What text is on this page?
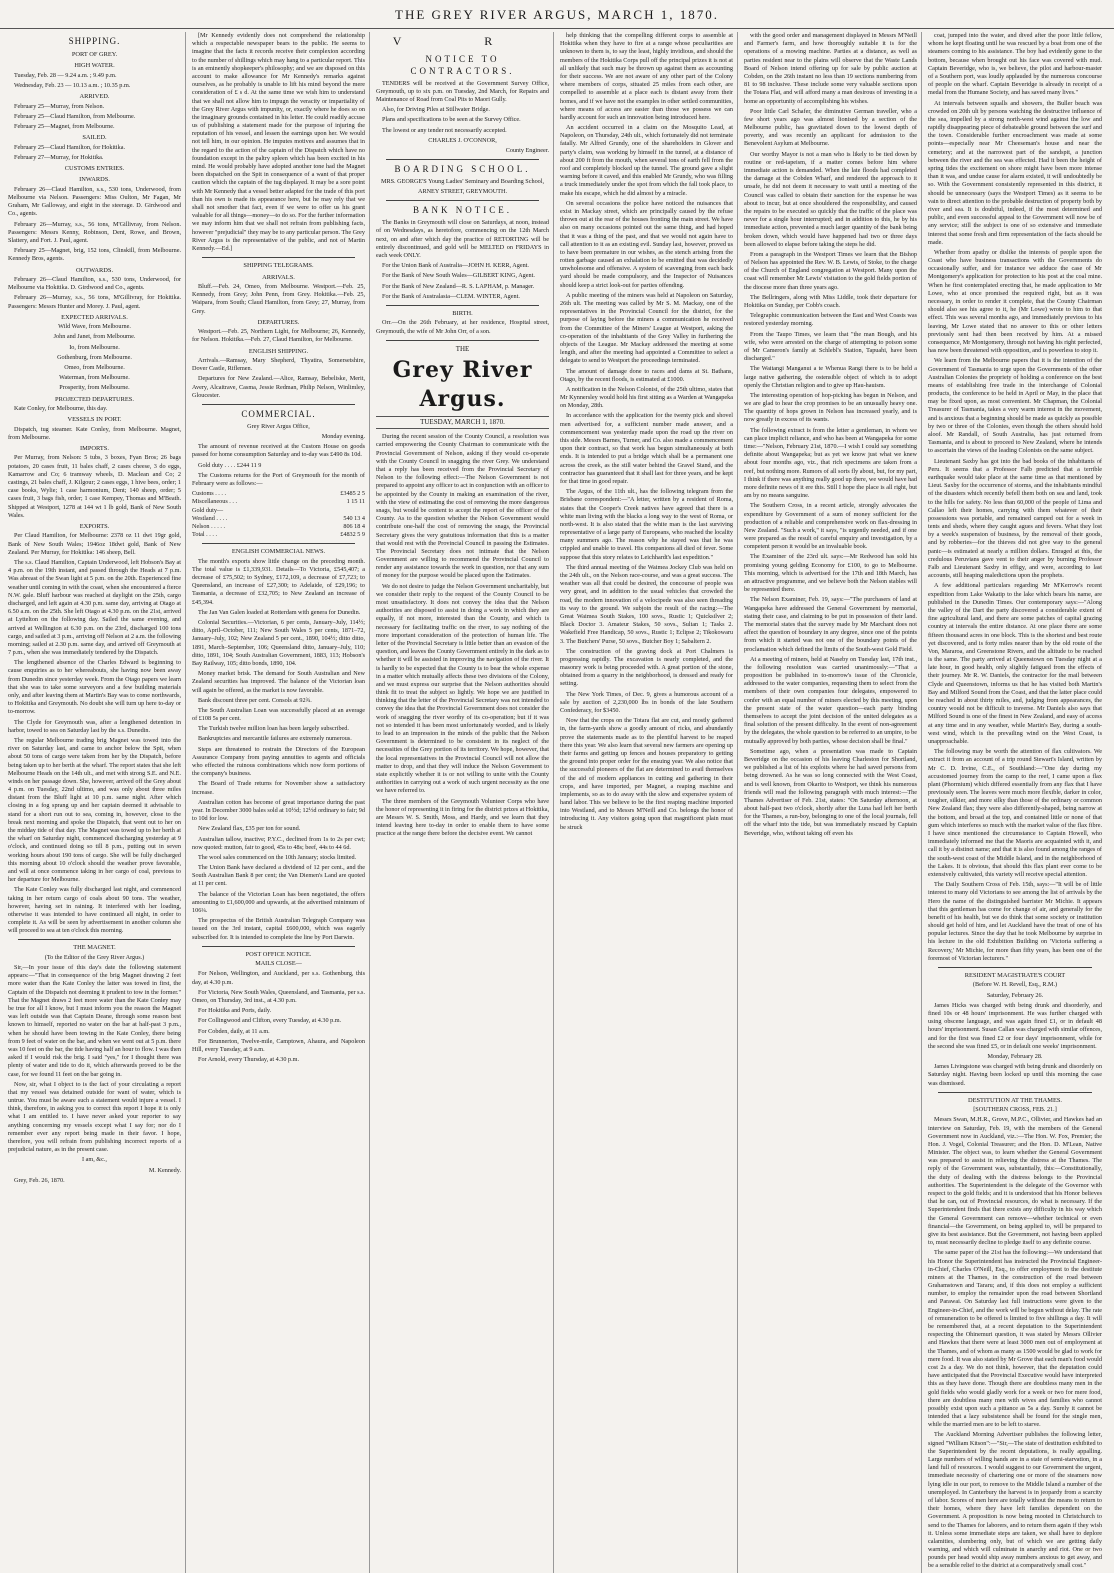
THE GREY RIVER ARGUS, MARCH 1, 1870.
SHIPPING.
PORT OF GREY.
HIGH WATER.

Tuesday, Feb. 28 — 9.24 a.m. ; 9.49 p.m.

Wednesday, Feb. 23 — 10.13 a.m. ; 10.35 p.m.

ARRIVED.

February 25—Murray, from Nelson.

February 25—Claud Hamilton, from Melbourne.

February 25—Magnet, from Melbourne.

SAILED.

February 25—Claud Hamilton, for Hokitika.

February 27—Murray, for Hokitika.

CUSTOMS ENTRIES.
INWARDS.

February 26—Claud Hamilton, s.s., 530 tons, Underwood, from Melbourne via Nelson. Passengers: Miss Oulton, Mr Fagan, Mr Graham, Mr Galloway, and eight in the steerage. D. Girdwood and Co., agents.

February 26—Murray, s.s., 56 tons, M'Gillivray, from Nelson. Passengers: Messrs Kenny, Robinson, Dent, Rowe, and Brown, Slattery, and Fort. J. Paul, agent.

February 25—Magnet, brig, 152 tons, Clinskill, from Melbourne. Kennedy Bros, agents.

OUTWARDS.

February 26—Claud Hamilton, s.s., 530 tons, Underwood, for Melbourne via Hokitika. D. Girdwood and Co., agents.

February 26—Murray, s.s., 56 tons, M'Gillivray, for Hokitika. Passengers: Messrs Hunter and Morey. J. Paul, agent.

EXPECTED ARRIVALS.

Wild Wave, from Melbourne.

John and Janet, from Melbourne.

Io, from Melbourne.

Gothenburg, from Melbourne.

Omeo, from Melbourne.

Waterman, from Melbourne.

Prosperity, from Melbourne.

PROJECTED DEPARTURES.

Kate Conley, for Melbourne, this day.

VESSELS IN PORT.

Dispatch, tug steamer. Kate Conley, from Melbourne. Magnet, from Melbourne.

IMPORTS.

Per Murray, from Nelson: 5 tubs, 3 boxes, Fyan Bros; 26 bags potatoes, 20 cases fruit, 11 bales chaff, 2 cases cheese, 3 do eggs, Kamarrow and Co; 6 tramway wheels, D. Maclean and Co; 2 castings, 21 bales chaff, J. Kilgour; 2 cases eggs, 1 hive bees, order; 1 case books, Wylie; 1 case harmonium, Dent; 140 sheep, order; 5 cases fruit, 3 bags fish, order; 1 case Kempey, Thomas and M'Beath. Shipped at Westport, 1278 at 144 wt 1 lb gold, Bank of New South Wales.

EXPORTS.

Per Claud Hamilton, for Melbourne: 2378 oz 11 dwt 19gr gold, Bank of New South Wales; 1946oz 18dwt gold, Bank of New Zealand. Per Murray, for Hokitika: 146 sheep, Bell.

The s.s. Claud Hamilton, Captain Underwood, left Hobson's Bay at 4 p.m. on the 19th instant, and passed through the Heads at 7 p.m. Was abreast of the Swan light at 5 p.m. on the 20th. Experienced fine weather until coming in with the coast, when she encountered a fierce N.W. gale. Bluff harbour was reached at daylight on the 25th, cargo discharged, and left again at 4.30 p.m. same day, arriving at Otago at 6.50 a.m. on the 25th. She left Otago at 4.30 p.m. on the 21st, arrived at Lyttelton on the following day. Sailed the same evening, and arrived at Wellington at 6.30 p.m. on the 23rd, discharged 100 tons cargo, and sailed at 3 p.m., arriving off Nelson at 2 a.m. the following morning; sailed at 2.30 p.m. same day, and arrived off Greymouth at 7 p.m., when she was immediately tendered by the Dispatch.

The lengthened absence of the Charles Edward is beginning to cause enquiries as to her whereabouts, she having now been away from Dunedin since yesterday week. From the Otago papers we learn that she was to take some surveyors and a few building materials only, and after leaving them at Martin's Bay was to come northwards, to Hokitika and Greymouth. No doubt she will turn up here to-day or to-morrow.

The Clyde for Greymouth was, after a lengthened detention in harbor, towed to sea on Saturday last by the s.s. Dunedin.

The regular Melbourne trading brig Magnet was towed into the river on Saturday last, and came to anchor below the Spit, when about 50 tons of cargo were taken from her by the Dispatch, before being taken up to her berth at the wharf. The report states that she left Melbourne Heads on the 14th ult., and met with strong S.E. and N.E. winds on her passage down. She, however, arrived off the Grey about 4 p.m. on Tuesday, 22nd ultimo, and was only about three miles distant from the Bluff light at 10 p.m. same night. After which closing in a fog sprang up and her captain deemed it advisable to stand for a short run out to sea, coming in, however, close to the break next morning and spoke the Dispatch, that went out to her on the midday tide of that day. The Magnet was towed up to her berth at the wharf on Saturday night, commenced discharging yesterday at 9 o'clock, and continued doing so till 8 p.m., putting out in seven working hours about 190 tons of cargo. She will be fully discharged this morning about 10 o'clock should the weather prove favorable, and will at once commence taking in her cargo of coal, previous to her departure for Melbourne.

The Kate Conley was fully discharged last night, and commenced taking in her return cargo of coals about 90 tons. The weather, however, having set in raining. It interfered with her loading, otherwise it was intended to have continued all night, in order to complete it. As will be seen by advertisement in another column she will proceed to sea at ten o'clock this morning.

THE MAGNET.

(To the Editor of the Grey River Argus.)

Sir,—In your issue of this day's date the following statement appears:—"That in consequence of the brig Magnet drawing 2 feet more water than the Kate Conley the latter was towed in first, the Captain of the Dispatch not deeming it prudent to tow in the former." That the Magnet draws 2 feet more water than the Kate Conley may be true for all I know, but I must inform you the reason the Magnet was left outside was that Captain Deane, through some reason best known to himself, reported no water on the bar at half-past 3 p.m., when he should have been towing in the Kate Conley, there being from 9 feet of water on the bar, and when we went out at 5 p.m. there was 10 feet on the bar, the tide having half an hour to flow. I was then asked if I would risk the brig. I said "yes," for I thought there was plenty of water and tide to do it, which afterwards proved to be the case, for we found 11 feet on the bar going in.

Now, sir, what I object to is the fact of your circulating a report that my vessel was detained outside for want of water, which is untrue. You must be aware such a statement would injure a vessel. I think, therefore, in asking you to correct this report I hope it is only what I am entitled to. I have never asked your reporter to say anything concerning my vessels except what I say for; nor do I remember ever any report being made in their favor. I hope, therefore, you will refrain from publishing incorrect reports of a prejudicial nature, as in the present case.

I am, &c.,

M. Kennedy.

Grey, Feb. 26, 1870.

[Mr Kennedy evidently does not comprehend the relationship which a respectable newspaper bears to the public. He seems to imagine that the facts it records receive their complexion according to the number of shillings which may hang to a particular report. This is an eminently shopkeeper's philosophy; and we are disposed on this account to make allowance for Mr Kennedy's remarks against ourselves, as he probably is unable to lift his mind beyond the mere consideration of £ s d. At the same time we wish him to understand that we shall not allow him to impugn the veracity or impartiality of the Grey River Argus with impunity, or, exactly where he does so on the imaginary grounds contained in his letter. He could readily accuse us of publishing a statement made for the purpose of injuring the reputation of his vessel, and lessen the earnings upon her. We would not tell him, in our opinion. He imputes motives and assumes that in the regard to the action of the captain of the Dispatch which have no foundation except in the paltry spleen which has been excited in his mind. He would probably have adopted another tone had the Magnet been dispatched on the Spit in consequence of a want of that proper caution which the captain of the tug displayed. It may be a sore point with Mr Kennedy that a vessel better adapted for the trade of this port than his own is made its appearance here, but he may rely that we shall not smother that fact, even if we were to offer us his grant valuable for all things—money—to do so. For the further information we may inform him that we shall not refrain from publishing facts, however "prejudicial" they may be to any particular person. The Grey River Argus is the representative of the public, and not of Martin Kennedy.—Ed.]

SHIPPING TELEGRAMS.
ARRIVALS.

Bluff.—Feb. 24, Omeo, from Melbourne. Westport.—Feb. 25, Kennedy, from Grey; John Penn, from Grey. Hokitika.—Feb. 25, Waipara, from South; Claud Hamilton, from Grey; 27, Murray, from Grey.

DEPARTURES.

Westport.—Feb. 25, Northern Light, for Melbourne; 26, Kennedy, for Nelson. Hokitika.—Feb. 27, Claud Hamilton, for Melbourne.

ENGLISH SHIPPING.

Arrivals.—Ramsay, Mary Shepherd, Thyatira, Somersetshire, Dover Castle, Riflemen.

Departures for New Zealand.—Alice, Ramsay, Bebeliske, Merit, Avery, Alcaitrave, Casma, Jessie Redman, Philip Nelson, Winlimley, Gloucester.

COMMERCIAL.

Grey River Argus Office,

Monday evening.

The amount of revenue received at the Custom House on goods passed for home consumption Saturday and to-day was £490 8s 10d.

Gold duty . . . . £244 11 9

The Customs returns for the Port of Greymouth for the month of February were as follows:—

Customs . . . .	£3485 2 5

Miscellaneous . . .	1 15 11

Gold duty—

Westland . . . .	540 13 4

Nelson . . . . .	806 18 4

Total . . . .	£4832 5 9

ENGLISH COMMERCIAL NEWS.

The month's exports show little change on the preceding month. The total value is £1,339,931. Details—To Victoria, £545,407; a decrease of £75,502; to Sydney, £172,109, a decrease of £7,723; to Queensland, an increase of £27,300; to Adelaide, of £29,196; to Tasmania, a decrease of £32,705; to New Zealand an increase of £45,394.

The Jan Van Galen loaded at Rotterdam with genera for Dunedin.

Colonial Securities.—Victorian, 6 per cents, January–July, 114½; ditto, April–October, 111; New South Wales 5 per cents, 1871–72, January–July, 102; New Zealand 5 per cent., 1890, 104½; ditto ditto, 1891, March–September, 106; Queensland ditto, January–July, 110; ditto, 1891, 104; South Australian Government, 1883, 113; Hobson's Bay Railway, 105; ditto bonds, 1890, 104.

Money market brisk. The demand for South Australian and New Zealand securities has improved. The balance of the Victorian loan will again be offered, as the market is now favorable.

Bank discount three per cent. Consols at 92¾.

The South Australian Loan was successfully placed at an average of £108 5s per cent.

The Turkish twelve million loan has been largely subscribed.

Bankruptcies and mercantile failures are extremely numerous.

Steps are threatened to restrain the Directors of the European Assurance Company from paying annuities to agents and officials who effected the ruinous combinations which now form portions of the company's business.

The Board of Trade returns for November show a satisfactory increase.

Australian cotton has become of great importance during the past year. In December 3000 bales sold at 10½d; 12½d ordinary to fair; 9d to 10d for low.

New Zealand flax, £35 per ton for sound.

Australian tallow, inactive; P.Y.C., declined from 1s to 2s per cwt; now quoted: mutton, fair to good, 45s to 48s; beef, 44s to 44 6d.

The wool sales commenced on the 10th January; stocks limited.

The Union Bank have declared a dividend of 12 per cent., and the South Australian Bank 8 per cent; the Van Diemen's Land are quoted at 11 per cent.

The balance of the Victorian Loan has been negotiated, the offers amounting to £1,600,000 and upwards, at the advertised minimum of 106¼.

The prospectus of the British Australian Telegraph Company was issued on the 3rd instant, capital £600,000, which was eagerly subscribed for. It is intended to complete the line by Port Darwin.

POST OFFICE NOTICE.

MAILS CLOSE—

For Nelson, Wellington, and Auckland, per s.s. Gothenburg, this day, at 4.30 p.m.

For Victoria, New South Wales, Queensland, and Tasmania, per s.s. Omeo, on Thursday, 3rd inst., at 4.30 p.m.

For Hokitika and Ports, daily.

For Collingwood and Clifton, every Tuesday, at 4.30 p.m.

For Cobden, daily, at 11 a.m.

For Brunnerton, Twelve-mile, Camptown, Ahaura, and Napoleon Hill, every Tuesday, at 9 a.m.

For Arnold, every Thursday, at 4.30 p.m.

V R
NOTICE TO CONTRACTORS.

TENDERS will be received at the Government Survey Office, Greymouth, up to six p.m. on Tuesday, 2nd March, for Repairs and Maintenance of Road from Coal Pits to Maori Gully.

Also, for Driving Piles at Stillwater Bridge.

Plans and specifications to be seen at the Survey Office.

The lowest or any tender not necessarily accepted.

CHARLES J. O'CONNOR,

County Engineer.

BOARDING SCHOOL.

MRS. GEORGE'S Young Ladies' Seminary and Boarding School,

ARNEY STREET, GREYMOUTH.

BANK NOTICE.

The Banks in Greymouth will close on Saturdays, at noon, instead of on Wednesdays, as heretofore, commencing on the 12th March next, on and after which day the practice of RETORTING will be entirely discontinued, and gold will be MELTED on FRIDAYS in each week ONLY.

For the Union Bank of Australia—JOHN H. KERR, Agent.

For the Bank of New South Wales—GILBERT KING, Agent.

For the Bank of New Zealand—R. S. LAPHAM, p. Manager.

For the Bank of Australasia—CLEM. WINTER, Agent.

BIRTH.

Orr.—On the 26th February, at her residence, Hospital street, Greymouth, the wife of Mr John Orr, of a son.

THE

Grey River Argus.
TUESDAY, MARCH 1, 1870.

During the recent session of the County Council, a resolution was carried empowering the County Chairman to communicate with the Provincial Government of Nelson, asking if they would co-operate with the County Council in snagging the river Grey. We understand that a reply has been received from the Provincial Secretary of Nelson to the following effect:—The Nelson Government is not prepared to appoint any officer to act in conjunction with an officer to be appointed by the County in making an examination of the river, with the view of estimating the cost of removing the more dangerous snags, but would be content to accept the report of the officer of the County. As to the question whether the Nelson Government would contribute one-half the cost of removing the snags, the Provincial Secretary gives the very gratuitous information that this is a matter that would rest with the Provincial Council in passing the Estimates. The Provincial Secretary does not intimate that the Nelson Government are willing to recommend the Provincial Council to render any assistance towards the work in question, nor that any sum of money for the purpose would be placed upon the Estimates.

We do not desire to judge the Nelson Government uncharitably, but we consider their reply to the request of the County Council to be most unsatisfactory. It does not convey the idea that the Nelson authorities are disposed to assist in doing a work in which they are equally, if not more, interested than the County, and which is necessary for facilitating traffic on the river, to say nothing of the more important consideration of the protection of human life. The letter of the Provincial Secretary is little better than an evasion of the question, and leaves the County Government entirely in the dark as to whether it will be assisted in improving the navigation of the river. It is hardly to be expected that the County is to bear the whole expense in a matter which mutually affects these two divisions of the Colony, and we must express our surprise that the Nelson authorities should think fit to treat the subject so lightly. We hope we are justified in thinking that the letter of the Provincial Secretary was not intended to convey the idea that the Provincial Government does not consider the work of snagging the river worthy of its co-operation; but if it was not so intended it has been most unfortunately worded, and is likely to lead to an impression in the minds of the public that the Nelson Government is determined to be consistent in its neglect of the necessities of the Grey portion of its territory. We hope, however, that the local representatives in the Provincial Council will not allow the matter to drop, and that they will induce the Nelson Government to state explicitly whether it is or not willing to unite with the County authorities in carrying out a work of such urgent necessity as the one we have referred to.

The three members of the Greymouth Volunteer Corps who have the honor of representing it in firing for the district prizes at Hokitika, are Messrs W. S. Smith, Moss, and Hardy, and we learn that they intend leaving here to-day in order to enable them to have some practice at the range there before the decisive event. We cannot

help thinking that the compelling different corps to assemble at Hokitika when they have to fire at a range whose peculiarities are unknown to them is, to say the least, highly invidious, and should the members of the Hokitika Corps pull off the principal prizes it is not at all unlikely that such may be thrown up against them as accounting for their success. We are not aware of any other part of the Colony where members of corps, situated 25 miles from each other, are compelled to assemble at a place each is distant away from their homes, and if we have not the examples in other settled communities, where means of access are easier than those we possess we can hardly account for such an innovation being introduced here.

An accident occurred in a claim on the Mosquito Lead, at Napoleon, on Thursday, 24th ult., which fortunately did not terminate fatally. Mr Alfred Grundy, one of the shareholders in Glover and party's claim, was working by himself in the tunnel, at a distance of about 200 ft from the mouth, when several tons of earth fell from the roof and completely blocked up the tunnel. The ground gave a slight warning before it caved, and this enabled Mr Grundy, who was filling a truck immediately under the spot from which the fall took place, to make his escape, which he did almost by a miracle.

On several occasions the police have noticed the nuisances that exist in Mackay street, which are principally caused by the refuse thrown out at the rear of the houses fronting the main street. We have also on many occasions pointed out the same thing, and had hoped that it was a thing of the past, and that we would not again have to call attention to it as an existing evil. Sunday last, however, proved us to have been premature in our wishes, as the stench arising from the rotten garbage caused an exhalation to be emitted that was decidedly unwholesome and offensive. A system of scavenging from each back yard should be made compulsory, and the Inspector of Nuisances should keep a strict look-out for parties offending.

A public meeting of the miners was held at Napoleon on Saturday, 26th ult. The meeting was called by Mr S. M. Mackay, one of the representatives in the Provincial Council for the district, for the purpose of laying before the miners a communication he received from the Committee of the Miners' League at Westport, asking the co-operation of the inhabitants of the Grey Valley in furthering the objects of the League. Mr Mackay addressed the meeting at some length, and after the meeting had appointed a Committee to select a delegate to send to Westport the proceedings terminated.

The amount of damage done to races and dams at St. Bathans, Otago, by the recent floods, is estimated at £1000.

A notification in the Nelson Colonist, of the 25th ultimo, states that Mr Kynnersley would hold his first sitting as a Warden at Wangapeka on Monday, 28th.

In accordance with the application for the twenty pick and shovel men advertised for, a sufficient number made answer, and a commencement was yesterday made upon the road up the river on this side. Messrs Barnes, Turner, and Co. also made a commencement upon their contract, so that work has begun simultaneously at both ends. It is intended to put a bridge which shall be a permanent one across the creek, as the still water behind the Gravel Stand, and the contractor has guaranteed that it shall last for three years, and be kept for that time in good repair.

The Argus, of the 11th ult., has the following telegram from the Brisbane correspondent:—"A letter, written by a resident of Roma, states that the Cooper's Creek natives have agreed that there is a white man living with the blacks a long way to the west of Roma, or north-west. It is also stated that the white man is the last surviving representative of a large party of Europeans, who reached the locality many summers ago. The reason why he stayed was that he was crippled and unable to travel. His companions all died of fever. Some suppose that this story relates to Leichhardt's last expedition."

The third annual meeting of the Waimea Jockey Club was held on the 24th ult., on the Nelson race-course, and was a great success. The weather was all that could be desired, the concourse of people was very great, and in addition to the usual vehicles that crowded the road, the modern innovation of a velocipede was also seen threading its way to the ground. We subjoin the result of the racing:—The Great Waimea South Stakes, 100 sovs., Rustic 1; Quicksilver 2; Black Doctor 3. Amateur Stakes, 50 sovs., Sultan 1; Tasks 2. Wakefield Free Handicap, 50 sovs., Rustic 1; Eclipse 2; Tikokowaru 3. The Butchers' Purse, 50 sovs., Butcher Boy 1; Sabaltern 2.

The construction of the graving dock at Port Chalmers is progressing rapidly. The excavation is nearly completed, and the masonry work is being proceeded with. A great portion of the stone, obtained from a quarry in the neighborhood, is dressed and ready for setting.

The New York Times, of Dec. 9, gives a humorous account of a sale by auction of 2,230,000 lbs in bonds of the late Southern Confederacy, for $3450.

Now that the crops on the Totara flat are cut, and mostly gathered in, the farm-yards show a goodly amount of ricks, and abundantly prove the statements made as to the plentiful harvest to be reaped there this year. We also learn that several new farmers are opening up their farms and getting up fences and houses preparatory to getting the ground into proper order for the ensuing year. We also notice that the successful pioneers of the flat are determined to avail themselves of the aid of modern appliances in cutting and gathering in their crops, and have imported, per Magnet, a reaping machine and implements, so as to do away with the slow and expensive system of hand labor. This we believe to be the first reaping machine imported into Westland, and to Messrs M'Neill and Co. belongs the honor of introducing it. Any visitors going upon that magnificent plain must be struck

with the good order and management displayed in Messrs M'Neill and Farmer's farm, and how thoroughly suitable it is for the operations of a mowing machine. Parties at a distance, as well as parties resident near to the plains will observe that the Waste Lands Board of Nelson intend offering up for sale by public auction at Cobden, on the 26th instant no less than 19 sections numbering from 81 to 98 inclusive. These include some very valuable sections upon the Totara Flat, and will afford many a man desirous of investing in a home an opportunity of accomplishing his wishes.

Poor little Carl Schafer, the diminutive German traveller, who a few short years ago was almost lionised by a section of the Melbourne public, has gravitated down to the lowest depth of poverty, and was recently an applicant for admission to the Benevolent Asylum at Melbourne.

Our worthy Mayor is not a man who is likely to be tied down by routine or red-tapeism, if a matter comes before him where immediate action is demanded. When the late floods had completed the damage at the Cobden Wharf, and rendered the approach to it unsafe, he did not deem it necessary to wait until a meeting of the Council was called to obtain their sanction for the expense he was about to incur, but at once shouldered the responsibility, and caused the repairs to be executed so quickly that the traffic of the place was never for a single hour interrupted; and in addition to this, he by his immediate action, prevented a much larger quantity of the bank being broken down, which would have happened had two or three days been allowed to elapse before taking the steps he did.

From a paragraph in the Westport Times we learn that the Bishop of Nelson has appointed the Rev. W. B. Lewis, of Stoke, to the charge of the Church of England congregation at Westport. Many upon the coast will remember Mr Lewis' visitation to the gold fields portion of the diocese more than three years ago.

The Bellringers, along with Miss Liddle, took their departure for Hokitika on Sunday, per Cobb's coach.

Telegraphic communication between the East and West Coasts was restored yesterday morning.

From the Taupo Times, we learn that "the man Bough, and his wife, who were arrested on the charge of attempting to poison some of Mr Cameron's family at Schlebl's Station, Tapuahi, have been discharged."

The Waitangi Manganui a te Whenua Rangi there is to be held a large native gathering, the ostensible object of which is to adopt openly the Christian religion and to give up Hau-hauism.

The interesting operation of hop-picking has begun in Nelson, and we are glad to hear the crop promises to be an unusually heavy one. The quantity of hops grown in Nelson has increased yearly, and is now greatly in excess of its wants.

The following extract is from the letter a gentleman, in whom we can place implicit reliance, and who has been at Wangapeka for some time:—"Nelson, February 21st, 1870.—I wish I could say something definite about Wangapeka; but as yet we know just what we knew about four months ago, viz., that rich specimens are taken from a reef, but nothing more. Rumors of all sorts fly about, but, for my part, I think if there was anything really good up there, we would have had more definite news of it ere this. Still I hope the place is all right, but am by no means sanguine.

The Southern Cross, in a recent article, strongly advocates the expenditure by Government of a sum of money sufficient for the production of a reliable and comprehensive work on flax-dressing in New Zealand. "Such a work," it says, "is urgently needed, and if one were prepared as the result of careful enquiry and investigation, by a competent person it would be an invaluable book.

The Examiner of the 23rd ult. says:—Mr Redwood has sold his promising young gelding Economy for £100, to go to Melbourne. This morning, which is advertised for the 17th and 18th March, has an attractive programme, and we believe both the Nelson stables will be represented there.

The Nelson Examiner, Feb. 19, says:—"The purchasers of land at Wangapeka have addressed the General Government by memorial, stating their case, and claiming to be put in possession of their land. The memorial states that the survey made by Mr Marchant does not affect the question of boundary in any degree, since one of the points from which it started was not one of the boundary points of the proclamation which defined the limits of the South-west Gold Field.

At a meeting of miners, held at Naseby on Tuesday last, 17th inst., the following resolution was carried unanimously:—"That a proposition be published in to-morrow's issue of the Chronicle, addressed to the water companies, requesting them to select from the members of their own companies four delegates, empowered to confer with an equal number of miners elected by this meeting, upon the present state of the water question—each party binding themselves to accept the joint decision of the united delegates as a final solution of the present difficulty. In the event of non-agreement by the delegates, the whole question to be referred to an umpire, to be mutually approved by both parties, whose decision shall be final."

Sometime ago, when a presentation was made to Captain Beveridge on the occasion of his leaving Charleston for Shortland, we published a list of his exploits where he had saved persons from being drowned. As he was so long connected with the West Coast, and is well known, from Okarito to Westport, we think his numerous friends will read the following paragraph with much interest:—The Thames Advertiser of Feb. 21st, states: "On Saturday afternoon, at about half-past two o'clock, shortly after the Luna had left her berth for the Thames, a run-boy, belonging to one of the local journals, fell off the wharf into the tide, but was immediately rescued by Captain Beveridge, who, without taking off even his

coat, jumped into the water, and dived after the poor little fellow, whom he kept floating until he was rescued by a boat from one of the steamers coming to his assistance. The boy had evidently gone to the bottom, because when brought out his face was covered with mud. Captain Beveridge, who is, we believe, the pilot and harbour-master of a Southern port, was loudly applauded by the numerous concourse of people on the wharf. Captain Beveridge is already in receipt of a medal from the Humane Society, and has saved many lives."

At intervals between squalls and showers, the Buller beach was crowded on 20th ult by persons watching the destructive influence of the sea, impelled by a strong north-west wind against the low and rapidly disappearing piece of debateable ground between the surf and the town. Considerable further encroachment was made at some points—especially near Mr Cheeseman's house and near the cemetery; and at the narrowest part of the sandspit, a junction between the river and the sea was effected. Had it been the height of spring tides the excitement on shore might have been more intense than it was, and undue cause for alarm existed, it will undoubtedly be so. With the Government consistently represented in this district, it should be unnecessary (says the Westport Times) as it seems to be vain to direct attention to the probable destruction of property both by river and sea. It is doubtful, indeed, if the most determined and public, and even successful appeal to the Government will now be of any service; still the subject is one of so extensive and immediate interest that some fresh and firm representation of the facts should be made.

Whether from apathy or dislike the interests of people upon the Coast who have business transactions with the Governments do occasionally suffer, and for instance we adduce the case of Mr Montgomery's application for protection to his post at the coal mine. When he first contemplated erecting that, he made application to Mr Lowe, who at once promised the required right, but as it was necessary, in order to render it complete, that the County Chairman should also see his agree to it, he (Mr Lowe) wrote to him to that effect. This was several months ago, and immediately previous to his leaving, Mr Lowe stated that no answer to this or other letters previously sent had then been received by him. At a missed consequence, Mr Montgomery, through not having his right perfected, has now been threatened with opposition, and is powerless to stop it.

We learn from the Melbourne papers that it is the intention of the Government of Tasmania to urge upon the Governments of the other Australian Colonies the propriety of holding a conference on the best means of establishing free trade in the interchange of Colonial products, the conference to be held in April or May, in the place that may be fixed upon, as most convenient. Mr Chapman, the Colonial Treasurer of Tasmania, takes a very warm interest in the movement, and is anxious that a beginning should be made as quickly as possible by two or three of the Colonies, even though the others should hold aloof. Mr Randall, of South Australia, has just returned from Tasmania, and is about to proceed to New Zealand, where he intends to ascertain the views of the leading Colonists on the same subject.

Lieutenant Saxby has got into the bad books of the inhabitants of Peru. It seems that a Professor Falb predicted that a terrible earthquake would take place at the same time as that mentioned by Lieut. Saxby for the occurrence of storms, and the inhabitants mindful of the disasters which recently befell them both on sea and land, took to the hills for safety. No less than 60,000 of the people of Lima and Callao left their homes, carrying with them whatever of their possessions was portable, and remained camped out for a week in tents and sheds, where they caught agues and fevers. What they lost by a week's suspension of business, by the removal of their goods, and by robberies—for the thieves did not give way to the general panic—is estimated at nearly a million dollars. Enraged at this, the credulous Peruvians gave vent to their anger by burning Professor Falb and Lieutenant Saxby in effigy, and were, according to last accounts, still heaping maledictions upon the prophets.

A few additional particulars regarding Mr M'Kerrow's recent expedition from Lake Wakatip to the lake which bears his name, are published in the Dunedin Times. Our contemporary says:—"Along the valley of the Dart the party discovered a considerable extent of fine agricultural land, and there are some patches of capital grazing country at intervals the entire distance. At one place there are some fifteen thousand acres in one block. This is the shortest and best route yet discovered, and is forty miles nearer than by the old route of the Von, Mararoa, and Greenstone Rivers, and the altitude to be reached is the same. The party arrived at Queenstown on Tuesday night at a late hour, in good health, only slightly fatigued from the effects of their journey. Mr R. W. Daniels, the contractor for the mail between Clyde and Queenstown, informs us that he has visited both Martin's Bay and Milford Sound from the Coast, and that the latter place could be reached in about thirty miles, and, judging from appearances, the country would not be difficult to traverse. Mr Daniels also says that Milford Sound is one of the finest in New Zealand, and easy of access at any time and in any weather, while Martin's Bay, during a south-west wind, which is the prevailing wind on the West Coast, is unapproachable.

The following may be worth the attention of flax cultivators. We extract it from an account of a trip round Stewart's Island, written by Mr C. D. Irvine, C.E., of Southland:—"One day during my accustomed journey from the camp to the reef, I came upon a flax plant (Phormium) which differed essentially from any flax that I have previously seen. The leaves were much more flexible, darker in color, tougher, silkier, and more silky than those of the ordinary or common New Zealand flax; they were also differently-shaped, being narrow at the bottom, and broad at the top, and contained little or none of that gum which interferes so much with the market value of the flax fibre. I have since mentioned the circumstance to Captain Howell, who immediately informed me that the Maoris are acquainted with it, and call it by a distinct name; and that it is also found among the ranges of the south-west coast of the Middle Island, and in the neighborhood of the Lakes. It is obvious, that should this flax plant ever come to be extensively cultivated, this variety will receive special attention.

The Daily Southern Cross of Feb. 15th, says:—"It will be of little interest to many old Victorians to see among the list of arrivals by the Hero the name of the distinguished barrister Mr Michie. It appears that this gentleman has come for change of air, and generally for the benefit of his health, but we do think that some society or institution should get hold of him, and let Auckland have the treat of one of his popular lectures. Since the day that he took Melbourne by surprise in his lecture in the old Exhibition Building on 'Victoria suffering a Recovery,' Mr Michie, for more than fifty years, has been one of the foremost of Victorian lecturers."

RESIDENT MAGISTRATE'S COURT

(Before W. H. Revell, Esq., R.M.)

Saturday, February 26.

James Hicks was charged with being drunk and disorderly, and fined 10s or 48 hours' imprisonment. He was further charged with using obscene language, and was again fined £1, or in default 48 hours' imprisonment. Susan Callan was charged with similar offences, and for the first was fined £2 or four days' imprisonment, while for the second she was fined £5, or in default one weeks' imprisonment.

Monday, February 28.

James Livingstone was charged with being drunk and disorderly on Saturday night. Having been locked up until this morning the case was dismissed.

DESTITUTION AT THE THAMES.

[SOUTHERN CROSS, FEB. 21.]

Messrs Swan, M.H.R., Grove, M.P.C., Ollivier, and Hawkes had an interview on Saturday, Feb. 19, with the members of the General Government now in Auckland, viz.:—The Hon. W. Fox, Premier; the Hon. J. Vogel, Colonial Treasurer; and the Hon. D. M'Lean, Native Minister. The object was, to learn whether the General Government was prepared to assist in relieving the distress at the Thames. The reply of the Government was, substantially, this:—Constitutionally, the duty of dealing with the distress belongs to the Provincial authorities. The Superintendent is the delegate of the Governor with respect to the gold fields; and it is understood that his Honor believes that he can, out of Provincial resources, do what is necessary. If the Superintendent finds that there exists any difficulty in his way which the General Government can remove—whether technical or even financial—the Government, on being applied to, will be prepared to give its best assistance. But the Government, not having been applied to, must necessarily decline to pledge itself to any definite course.

The same paper of the 21st has the following:—We understand that his Honor the Superintendent has instructed the Provincial Engineer-in-Chief, Charles O'Neill, Esq., to offer employment to the destitute miners at the Thames, in the construction of the road between Grahamstown and Tararu; and, if this does not employ a sufficient number, to employ the remainder upon the road between Shortland and Parawai. On Saturday last full instructions were given to the Engineer-in-Chief, and the work will be begun without delay. The rate of remuneration to be offered is limited to five shillings a day. It will be remembered that, at a recent deputation to the Superintendent respecting the Ohinemuri question, it was stated by Messrs Ollivier and Hawkes that there were at least 3000 men out of employment at the Thames, and of whom as many as 1500 would be glad to work for mere food. It was also stated by Mr Grove that each man's food would cost 2s a day. We do not think, however, that the deputation could have anticipated that the Provincial Executive would have interpreted this as they have done. Though there are doubtless many men in the gold fields who would gladly work for a week or two for mere food, there are doubtless many men with wives and families who cannot possibly exist upon such a pittance as 5s a day. Surely it cannot be intended that a lazy subsistence shall be found for the single men, while the married men are to be left to starve.

The Auckland Morning Advertiser publishes the following letter, signed "William Kitson":—"Sir,—The state of destitution exhibited to the Superintendent by the recent deputations, is really appalling. Large numbers of willing hands are in a state of semi-starvation, in a land full of resources. I would suggest to our Government the urgent, immediate necessity of chartering one or more of the steamers now lying idle in our port, to remove to the Middle Island a number of the unemployed. In Canterbury the harvest is in jeopardy from a scarcity of labor. Scores of men here are totally without the means to return to their homes, where they have left families dependent on the Government. A proposition is now being mooted in Christchurch to send to the Thames for laborers, and to return them again if they wish it. Unless some immediate steps are taken, we shall have to deplore calamities, slumbering only, but of which we are getting daily warning, and which will culminate in anarchy and riot. One or two pounds per head would ship away numbers anxious to get away, and be a sensible relief to the district at a comparatively small cost."
